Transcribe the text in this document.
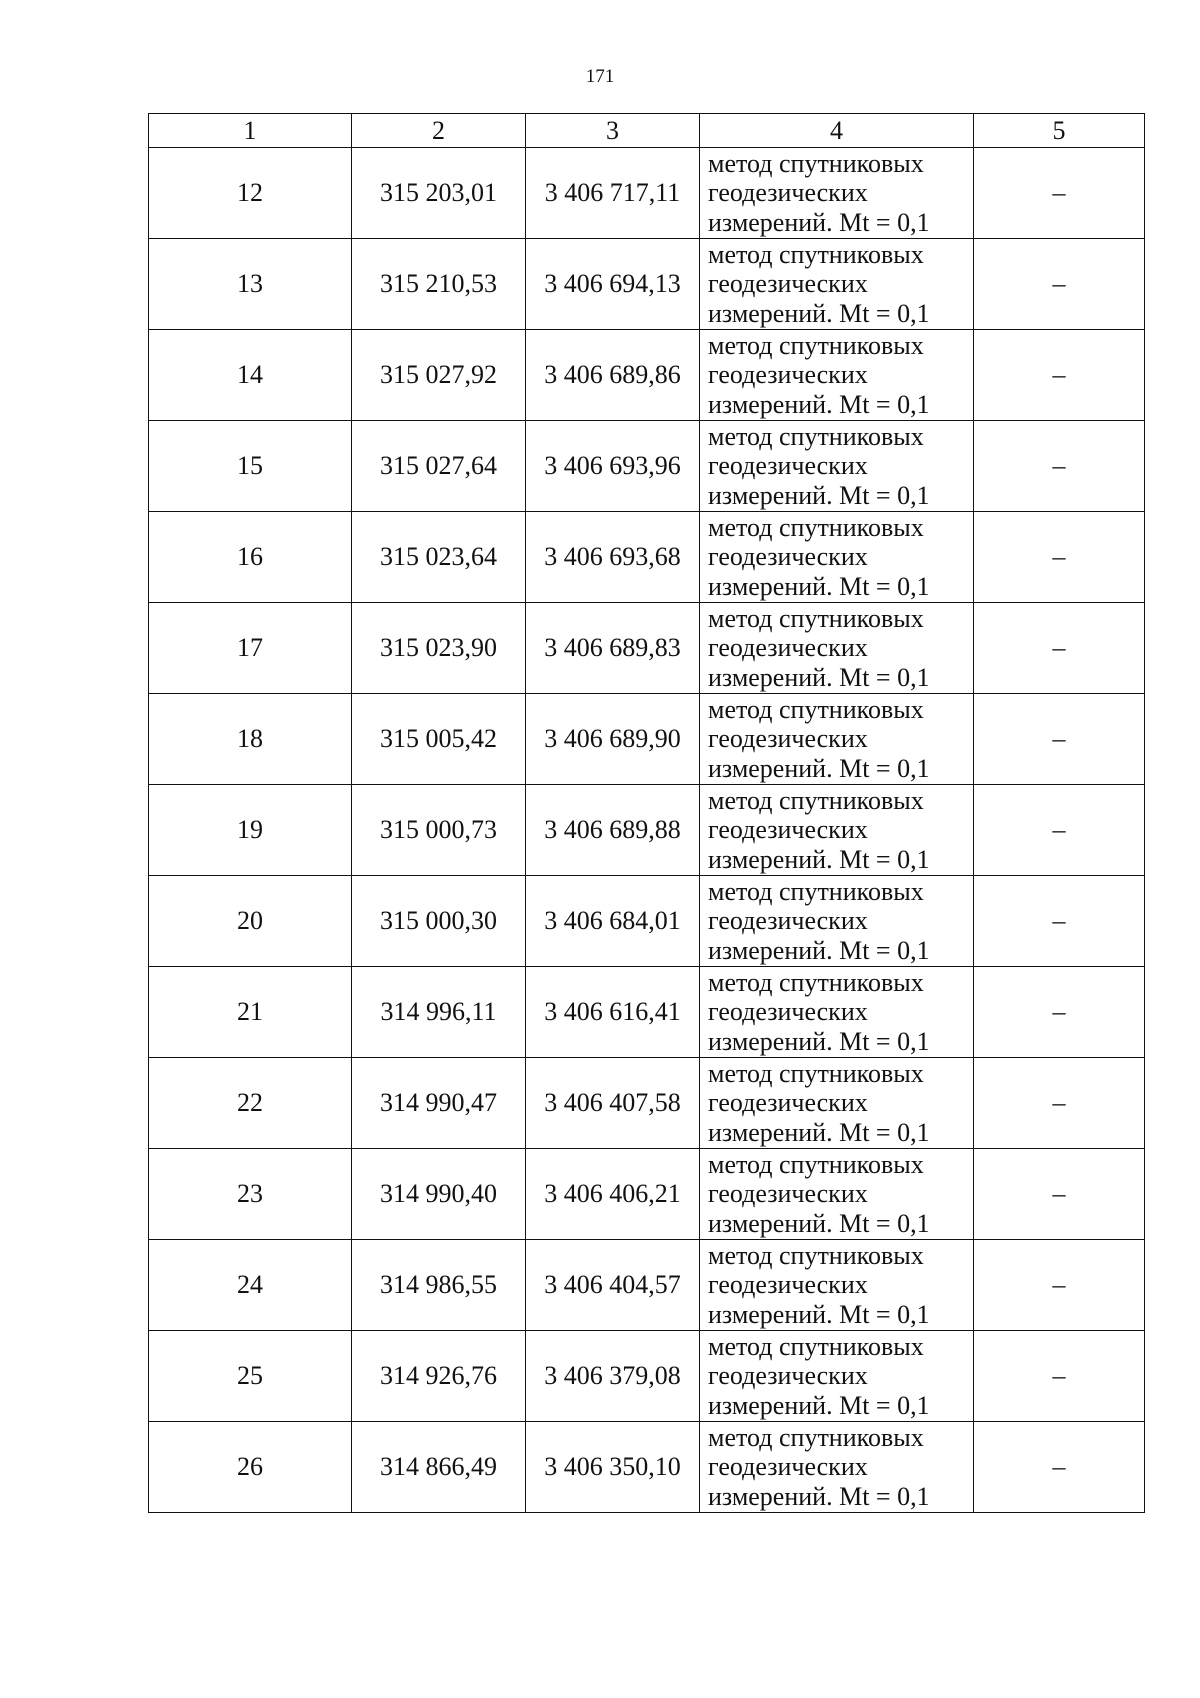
171
1	2	3	4	5
12	315 203,01	3 406 717,11	метод спутниковых
геодезических
измерений. Mt = 0,1	–
13	315 210,53	3 406 694,13	метод спутниковых
геодезических
измерений. Mt = 0,1	–
14	315 027,92	3 406 689,86	метод спутниковых
геодезических
измерений. Mt = 0,1	–
15	315 027,64	3 406 693,96	метод спутниковых
геодезических
измерений. Mt = 0,1	–
16	315 023,64	3 406 693,68	метод спутниковых
геодезических
измерений. Mt = 0,1	–
17	315 023,90	3 406 689,83	метод спутниковых
геодезических
измерений. Mt = 0,1	–
18	315 005,42	3 406 689,90	метод спутниковых
геодезических
измерений. Mt = 0,1	–
19	315 000,73	3 406 689,88	метод спутниковых
геодезических
измерений. Mt = 0,1	–
20	315 000,30	3 406 684,01	метод спутниковых
геодезических
измерений. Mt = 0,1	–
21	314 996,11	3 406 616,41	метод спутниковых
геодезических
измерений. Mt = 0,1	–
22	314 990,47	3 406 407,58	метод спутниковых
геодезических
измерений. Mt = 0,1	–
23	314 990,40	3 406 406,21	метод спутниковых
геодезических
измерений. Mt = 0,1	–
24	314 986,55	3 406 404,57	метод спутниковых
геодезических
измерений. Mt = 0,1	–
25	314 926,76	3 406 379,08	метод спутниковых
геодезических
измерений. Mt = 0,1	–
26	314 866,49	3 406 350,10	метод спутниковых
геодезических
измерений. Mt = 0,1	–
